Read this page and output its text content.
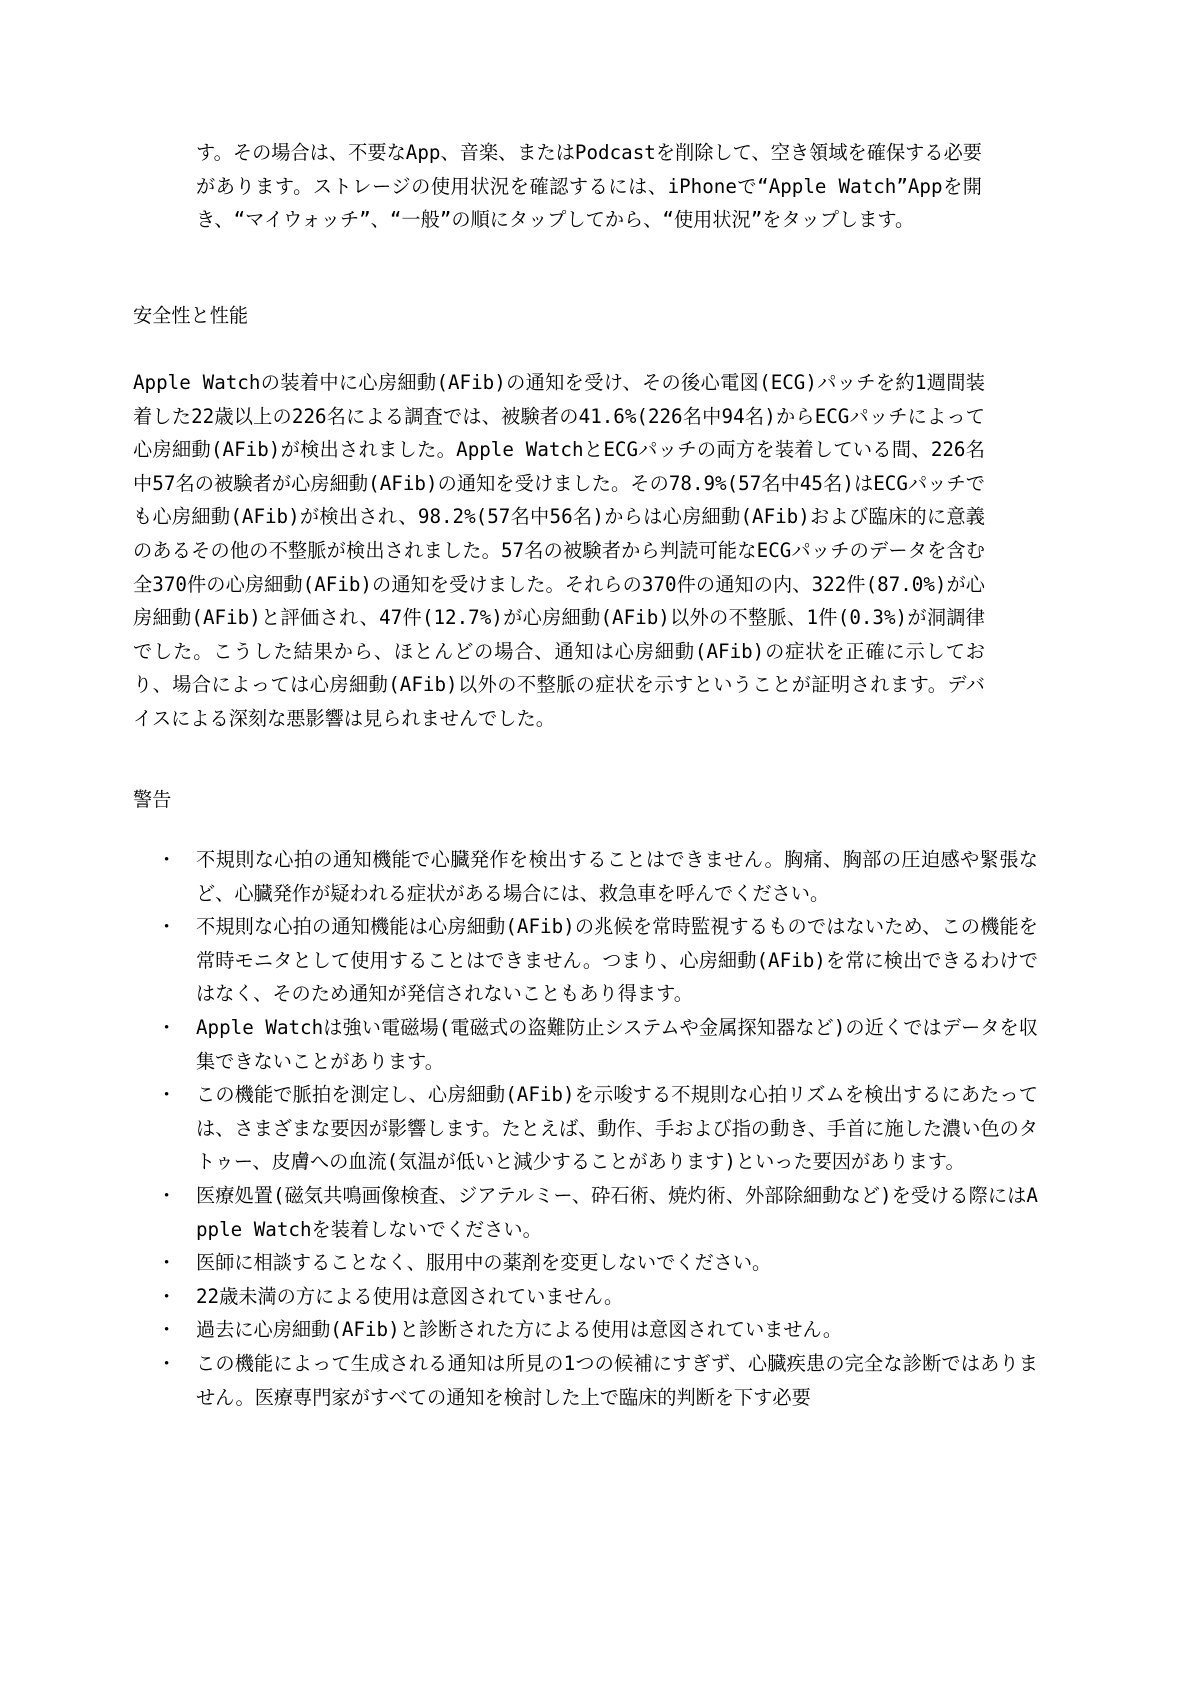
す。その場合は、不要なApp、音楽、またはPodcastを削除して、空き領域を確保する必要があります。ストレージの使用状況を確認するには、iPhoneで“Apple Watch”Appを開き、“マイウォッチ”、“一般”の順にタップしてから、“使用状況”をタップします。
安全性と性能
Apple Watchの装着中に心房細動(AFib)の通知を受け、その後心電図(ECG)パッチを約1週間装着した22歳以上の226名による調査では、被験者の41.6%(226名中94名)からECGパッチによって心房細動(AFib)が検出されました。Apple WatchとECGパッチの両方を装着している間、226名中57名の被験者が心房細動(AFib)の通知を受けました。その78.9%(57名中45名)はECGパッチでも心房細動(AFib)が検出され、98.2%(57名中56名)からは心房細動(AFib)および臨床的に意義のあるその他の不整脈が検出されました。57名の被験者から判読可能なECGパッチのデータを含む全370件の心房細動(AFib)の通知を受けました。それらの370件の通知の内、322件(87.0%)が心房細動(AFib)と評価され、47件(12.7%)が心房細動(AFib)以外の不整脈、1件(0.3%)が洞調律でした。こうした結果から、ほとんどの場合、通知は心房細動(AFib)の症状を正確に示しており、場合によっては心房細動(AFib)以外の不整脈の症状を示すということが証明されます。デバイスによる深刻な悪影響は見られませんでした。
警告
・ 不規則な心拍の通知機能で心臓発作を検出することはできません。胸痛、胸部の圧迫感や緊張など、心臓発作が疑われる症状がある場合には、救急車を呼んでください。
・ 不規則な心拍の通知機能は心房細動(AFib)の兆候を常時監視するものではないため、この機能を常時モニタとして使用することはできません。つまり、心房細動(AFib)を常に検出できるわけではなく、そのため通知が発信されないこともあり得ます。
・ Apple Watchは強い電磁場(電磁式の盗難防止システムや金属探知器など)の近くではデータを収集できないことがあります。
・ この機能で脈拍を測定し、心房細動(AFib)を示唆する不規則な心拍リズムを検出するにあたっては、さまざまな要因が影響します。たとえば、動作、手および指の動き、手首に施した濃い色のタトゥー、皮膚への血流(気温が低いと減少することがあります)といった要因があります。
・ 医療処置(磁気共鳴画像検査、ジアテルミー、砕石術、焼灼術、外部除細動など)を受ける際にはApple Watchを装着しないでください。
・ 医師に相談することなく、服用中の薬剤を変更しないでください。
・ 22歳未満の方による使用は意図されていません。
・ 過去に心房細動(AFib)と診断された方による使用は意図されていません。
・ この機能によって生成される通知は所見の1つの候補にすぎず、心臓疾患の完全な診断ではありません。医療専門家がすべての通知を検討した上で臨床的判断を下す必要
